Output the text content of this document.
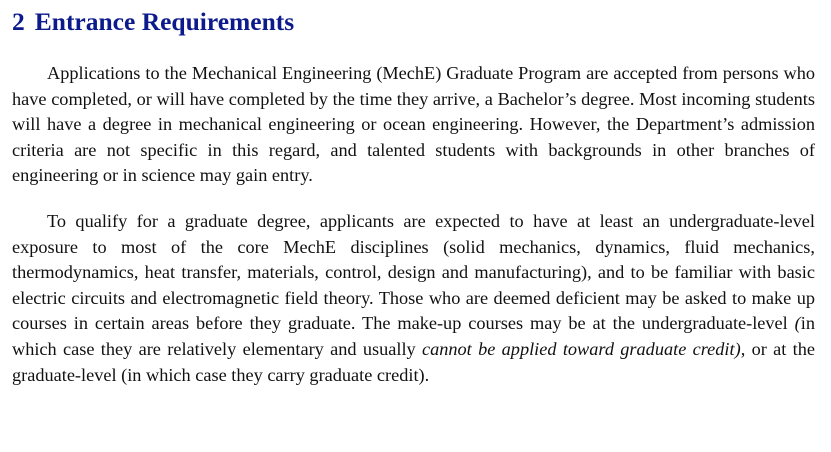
2 Entrance Requirements

Applications to the Mechanical Engineering (MechE) Graduate Program are accepted from persons who have completed, or will have completed by the time they arrive, a Bachelor’s degree. Most incoming students will have a degree in mechanical engineering or ocean engineering. However, the Department’s admission criteria are not specific in this regard, and talented students with backgrounds in other branches of engineering or in science may gain entry.

To qualify for a graduate degree, applicants are expected to have at least an undergraduate-level exposure to most of the core MechE disciplines (solid mechanics, dynamics, fluid mechanics, thermodynamics, heat transfer, materials, control, design and manufacturing), and to be familiar with basic electric circuits and electromagnetic field theory. Those who are deemed deficient may be asked to make up courses in certain areas before they graduate. The make-up courses may be at the undergraduate-level (in which case they are relatively elementary and usually cannot be applied toward graduate credit), or at the graduate-level (in which case they carry graduate credit).
